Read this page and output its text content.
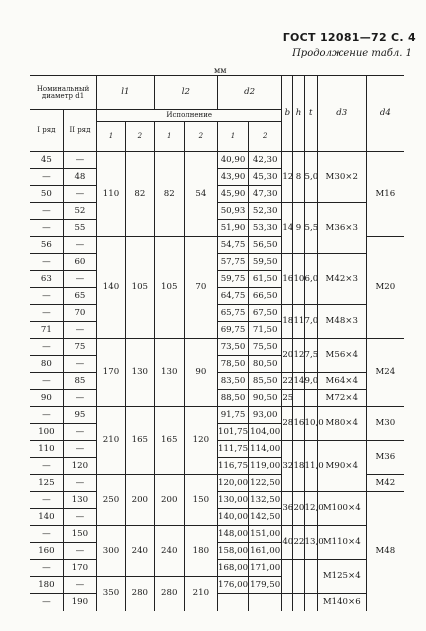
ГОСТ 12081—72 С. 4
Продолжение табл. 1
мм
Номинальный диаметр d1		l1		l2		d2		b	h	t	d3	d4
I ряд	II ряд	Исполнение										
		1	2	1	2	1	2					
45	—	110	82	82	54	40,90	42,30	12	8	5,0	M30×2	M16
—	48					43,90	45,30					
50	—					45,90	47,30					
—	52					50,93	52,30	14	9	5,5	M36×3	
—	55					51,90	53,30					
56	—	140	105	105	70	54,75	56,50					M20
—	60					57,75	59,50	16	10	6,0	M42×3	
63	—					59,75	61,50					
—	65					64,75	66,50					
—	70					65,75	67,50	18	11	7,0	M48×3	
71	—					69,75	71,50					
—	75	170	130	130	90	73,50	75,50	20	12	7,5	M56×4	M24
80	—					78,50	80,50					
—	85					83,50	85,50	22	14	9,0	M64×4	
90	—					88,50	90,50	25			M72×4	
—	95	210	165	165	120	91,75	93,00	28	16	10,0	M80×4	M30
100	—					101,75	104,00					
110	—					111,75	114,00	32	18	11,0	M90×4	M36
—	120					116,75	119,00					
125	—	250	200	200	150	120,00	122,50					M42
—	130					130,00	132,50	36	20	12,0	M100×4	M48
140	—					140,00	142,50					
—	150	300	240	240	180	148,00	151,00	40	22	13,0	M110×4	
160	—					158,00	161,00					
—	170					168,00	171,00				M125×4	
180	—	350	280	280	210	176,00	179,50					
—	190										M140×6	
